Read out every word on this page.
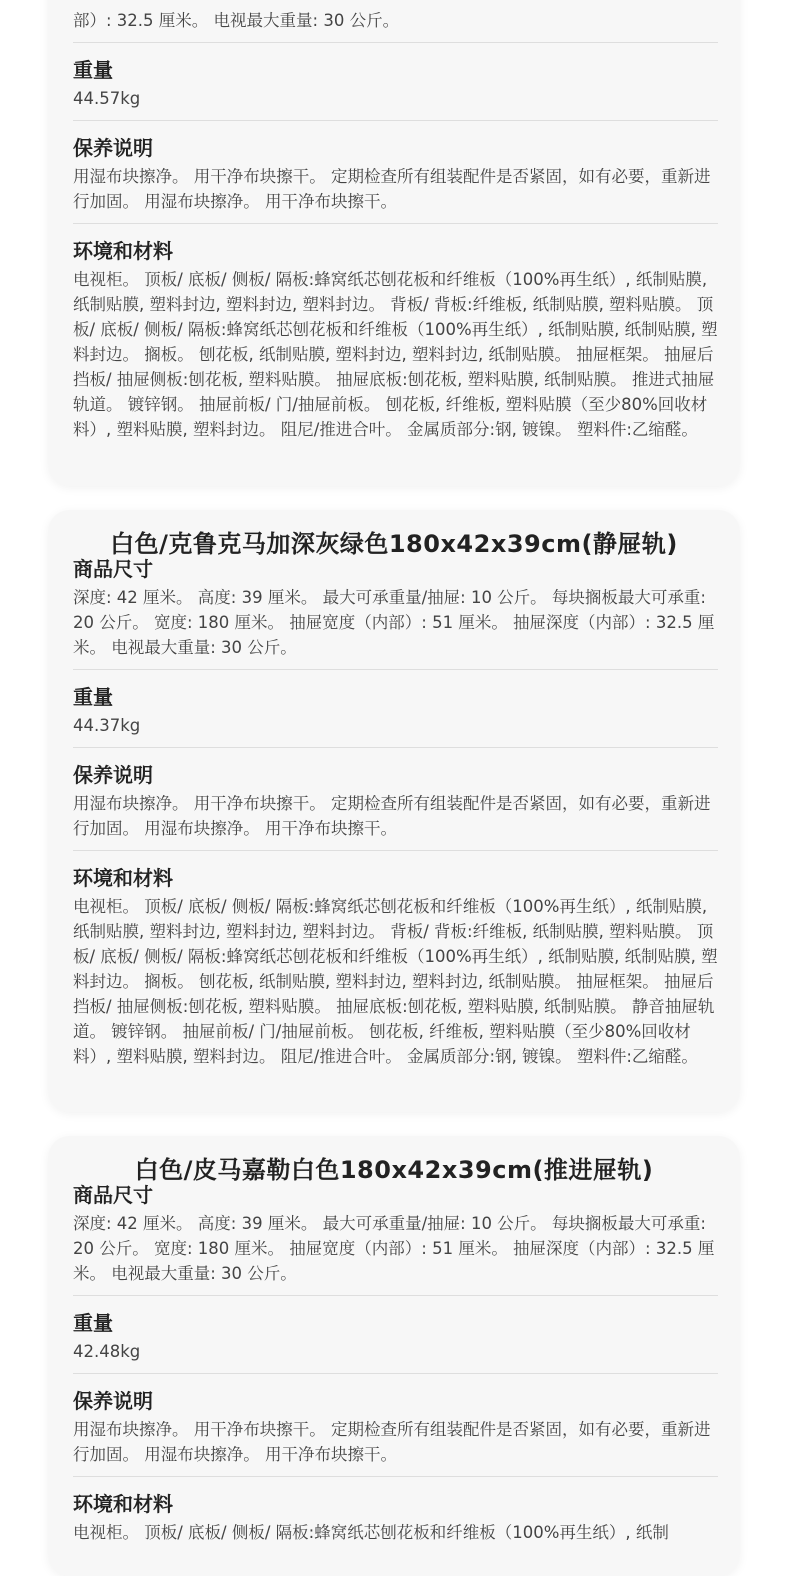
部）: 32.5 厘米。 电视最大重量: 30 公斤。

重量

44.57kg

保养说明

用湿布块擦净。 用干净布块擦干。 定期检查所有组装配件是否紧固，如有必要，重新进行加固。 用湿布块擦净。 用干净布块擦干。

环境和材料

电视柜。 顶板/ 底板/ 侧板/ 隔板:蜂窝纸芯刨花板和纤维板（100%再生纸）, 纸制贴膜, 纸制贴膜, 塑料封边, 塑料封边, 塑料封边。 背板/ 背板:纤维板, 纸制贴膜, 塑料贴膜。 顶板/ 底板/ 侧板/ 隔板:蜂窝纸芯刨花板和纤维板（100%再生纸）, 纸制贴膜, 纸制贴膜, 塑料封边。 搁板。 刨花板, 纸制贴膜, 塑料封边, 塑料封边, 纸制贴膜。 抽屉框架。 抽屉后挡板/ 抽屉侧板:刨花板, 塑料贴膜。 抽屉底板:刨花板, 塑料贴膜, 纸制贴膜。 推进式抽屉轨道。 镀锌钢。 抽屉前板/ 门/抽屉前板。 刨花板, 纤维板, 塑料贴膜（至少80%回收材料）, 塑料贴膜, 塑料封边。 阻尼/推进合叶。 金属质部分:钢, 镀镍。 塑料件:乙缩醛。

白色/克鲁克马加深灰绿色180x42x39cm(静屉轨)
商品尺寸

深度: 42 厘米。 高度: 39 厘米。 最大可承重量/抽屉: 10 公斤。 每块搁板最大可承重: 20 公斤。 宽度: 180 厘米。 抽屉宽度（内部）: 51 厘米。 抽屉深度（内部）: 32.5 厘米。 电视最大重量: 30 公斤。

重量

44.37kg

保养说明

用湿布块擦净。 用干净布块擦干。 定期检查所有组装配件是否紧固，如有必要，重新进行加固。 用湿布块擦净。 用干净布块擦干。

环境和材料

电视柜。 顶板/ 底板/ 侧板/ 隔板:蜂窝纸芯刨花板和纤维板（100%再生纸）, 纸制贴膜, 纸制贴膜, 塑料封边, 塑料封边, 塑料封边。 背板/ 背板:纤维板, 纸制贴膜, 塑料贴膜。 顶板/ 底板/ 侧板/ 隔板:蜂窝纸芯刨花板和纤维板（100%再生纸）, 纸制贴膜, 纸制贴膜, 塑料封边。 搁板。 刨花板, 纸制贴膜, 塑料封边, 塑料封边, 纸制贴膜。 抽屉框架。 抽屉后挡板/ 抽屉侧板:刨花板, 塑料贴膜。 抽屉底板:刨花板, 塑料贴膜, 纸制贴膜。 静音抽屉轨道。 镀锌钢。 抽屉前板/ 门/抽屉前板。 刨花板, 纤维板, 塑料贴膜（至少80%回收材料）, 塑料贴膜, 塑料封边。 阻尼/推进合叶。 金属质部分:钢, 镀镍。 塑料件:乙缩醛。

白色/皮马嘉勒白色180x42x39cm(推进屉轨)
商品尺寸

深度: 42 厘米。 高度: 39 厘米。 最大可承重量/抽屉: 10 公斤。 每块搁板最大可承重: 20 公斤。 宽度: 180 厘米。 抽屉宽度（内部）: 51 厘米。 抽屉深度（内部）: 32.5 厘米。 电视最大重量: 30 公斤。

重量

42.48kg

保养说明

用湿布块擦净。 用干净布块擦干。 定期检查所有组装配件是否紧固，如有必要，重新进行加固。 用湿布块擦净。 用干净布块擦干。

环境和材料

电视柜。 顶板/ 底板/ 侧板/ 隔板:蜂窝纸芯刨花板和纤维板（100%再生纸）, 纸制
